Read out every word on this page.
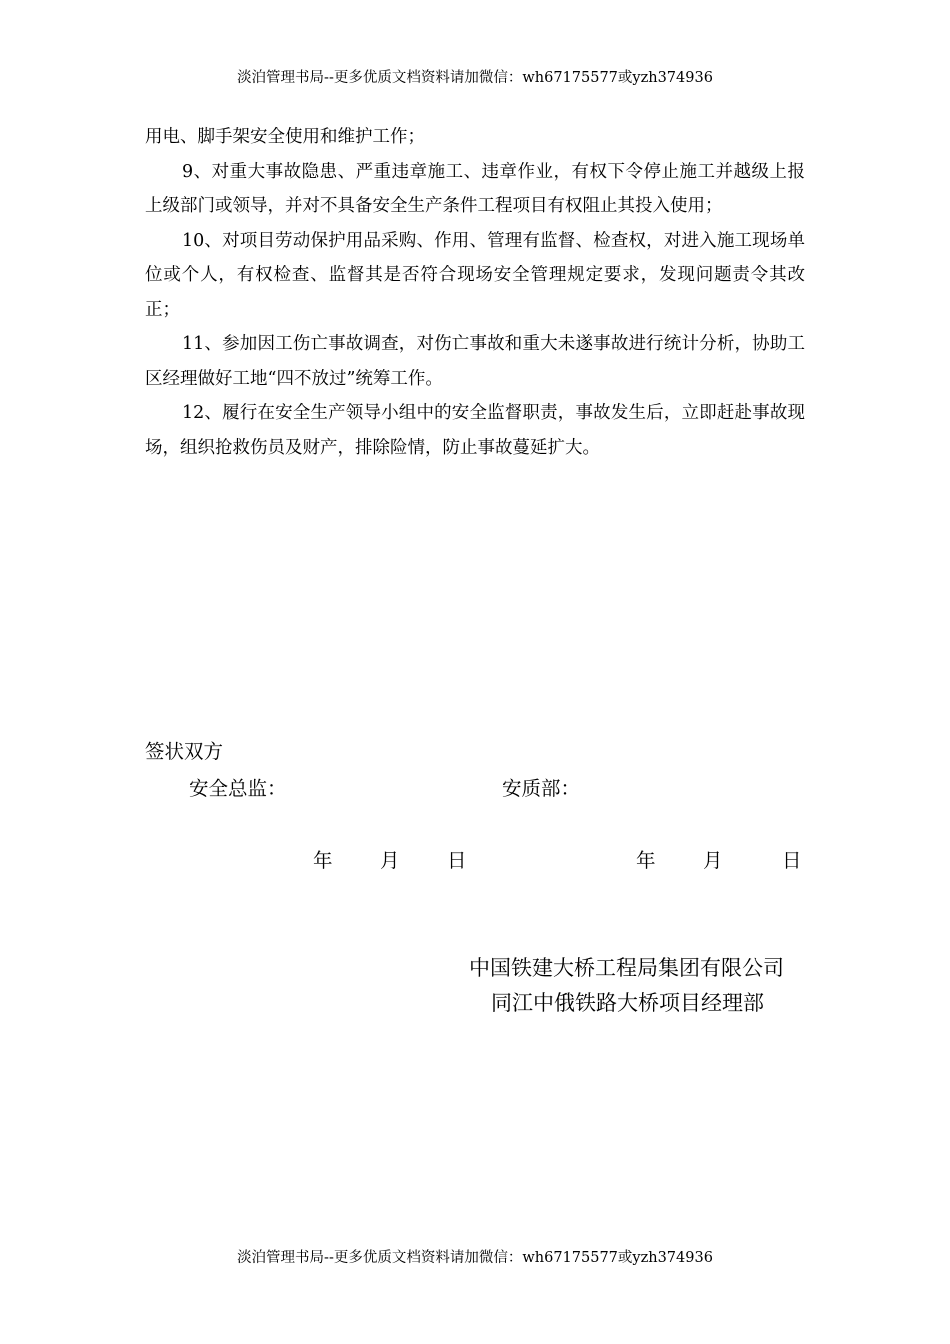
淡泊管理书局--更多优质文档资料请加微信：wh67175577或yzh374936

用电、脚手架安全使用和维护工作；

9、对重大事故隐患、严重违章施工、违章作业，有权下令停止施工并越级上报上级部门或领导，并对不具备安全生产条件工程项目有权阻止其投入使用；

10、对项目劳动保护用品采购、作用、管理有监督、检查权，对进入施工现场单位或个人，有权检查、监督其是否符合现场安全管理规定要求，发现问题责令其改正；

11、参加因工伤亡事故调查，对伤亡事故和重大未遂事故进行统计分析，协助工区经理做好工地“四不放过”统筹工作。

12、履行在安全生产领导小组中的安全监督职责，事故发生后，立即赶赴事故现场，组织抢救伤员及财产，排除险情，防止事故蔓延扩大。

签状双方
安全总监：	安质部：
年 月 日	年 月	日
中国铁建大桥工程局集团有限公司
同江中俄铁路大桥项目经理部
淡泊管理书局--更多优质文档资料请加微信：wh67175577或yzh374936
